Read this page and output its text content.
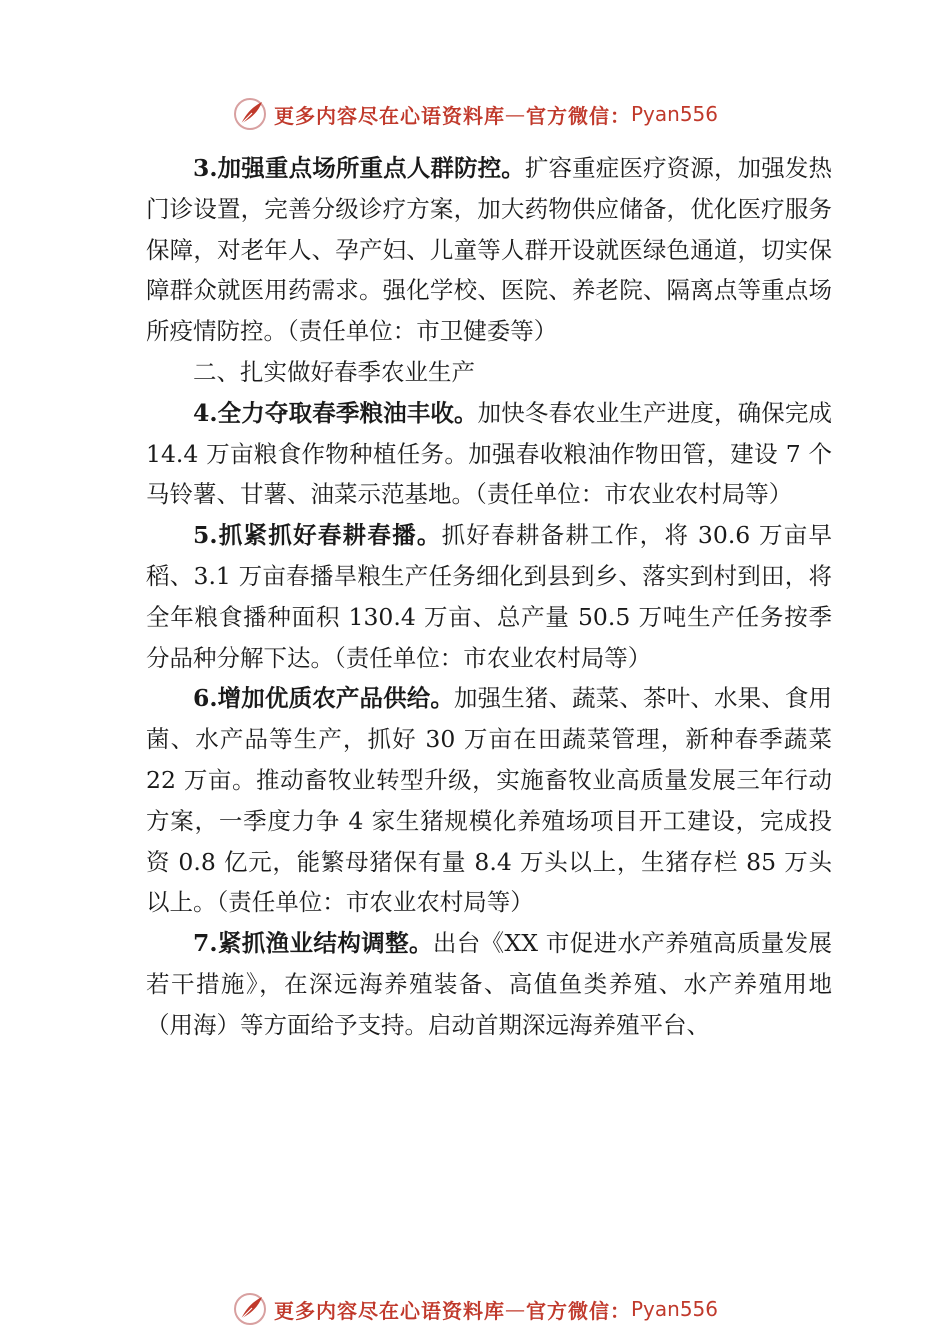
更多内容尽在心语资料库 — 官方微信： Pyan556

3.加强重点场所重点人群防控。扩容重症医疗资源，加强发热门诊设置，完善分级诊疗方案，加大药物供应储备，优化医疗服务保障，对老年人、孕产妇、儿童等人群开设就医绿色通道，切实保障群众就医用药需求。强化学校、医院、养老院、隔离点等重点场所疫情防控。（责任单位：市卫健委等）

二、扎实做好春季农业生产

4.全力夺取春季粮油丰收。加快冬春农业生产进度，确保完成 14.4 万亩粮食作物种植任务。加强春收粮油作物田管，建设 7 个马铃薯、甘薯、油菜示范基地。（责任单位：市农业农村局等）

5.抓紧抓好春耕春播。抓好春耕备耕工作，将 30.6 万亩早稻、3.1 万亩春播旱粮生产任务细化到县到乡、落实到村到田，将全年粮食播种面积 130.4 万亩、总产量 50.5 万吨生产任务按季分品种分解下达。（责任单位：市农业农村局等）

6.增加优质农产品供给。加强生猪、蔬菜、茶叶、水果、食用菌、水产品等生产，抓好 30 万亩在田蔬菜管理，新种春季蔬菜 22 万亩。推动畜牧业转型升级，实施畜牧业高质量发展三年行动方案，一季度力争 4 家生猪规模化养殖场项目开工建设，完成投资 0.8 亿元，能繁母猪保有量 8.4 万头以上，生猪存栏 85 万头以上。（责任单位：市农业农村局等）

7.紧抓渔业结构调整。出台《XX 市促进水产养殖高质量发展若干措施》，在深远海养殖装备、高值鱼类养殖、水产养殖用地（用海）等方面给予支持。启动首期深远海养殖平台、

更多内容尽在心语资料库 — 官方微信： Pyan556
